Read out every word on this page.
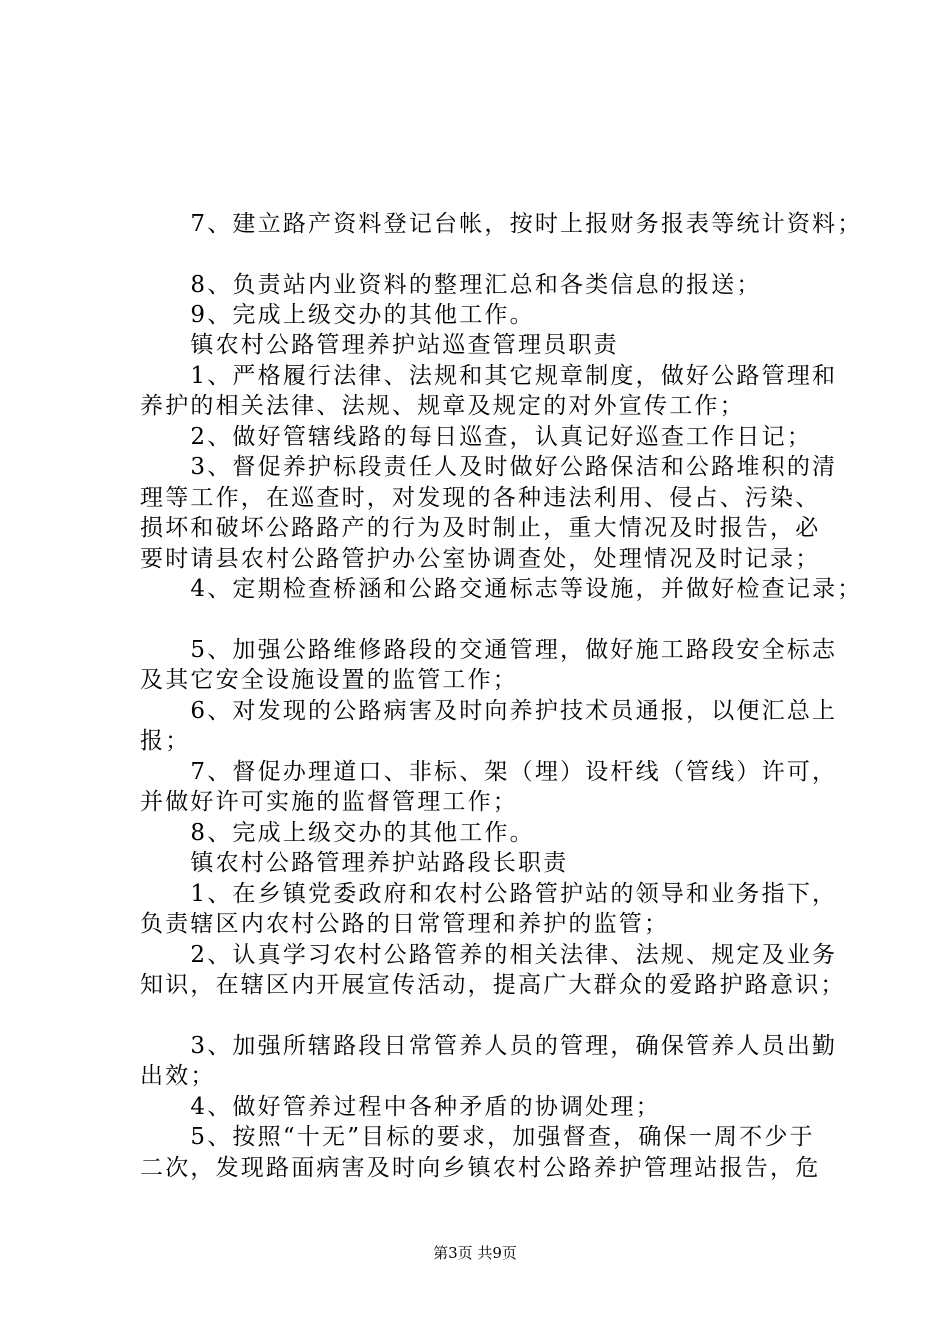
　　7、建立路产资料登记台帐，按时上报财务报表等统计资料；
　　8、负责站内业资料的整理汇总和各类信息的报送；
　　9、完成上级交办的其他工作。
　　镇农村公路管理养护站巡查管理员职责
　　1、严格履行法律、法规和其它规章制度，做好公路管理和
养护的相关法律、法规、规章及规定的对外宣传工作；
　　2、做好管辖线路的每日巡查，认真记好巡查工作日记；
　　3、督促养护标段责任人及时做好公路保洁和公路堆积的清
理等工作，在巡查时，对发现的各种违法利用、侵占、污染、
损坏和破坏公路路产的行为及时制止，重大情况及时报告，必
要时请县农村公路管护办公室协调查处，处理情况及时记录；
　　4、定期检查桥涵和公路交通标志等设施，并做好检查记录；
　　5、加强公路维修路段的交通管理，做好施工路段安全标志
及其它安全设施设置的监管工作；
　　6、对发现的公路病害及时向养护技术员通报，以便汇总上
报；
　　7、督促办理道口、非标、架（埋）设杆线（管线）许可，
并做好许可实施的监督管理工作；
　　8、完成上级交办的其他工作。
　　镇农村公路管理养护站路段长职责
　　1、在乡镇党委政府和农村公路管护站的领导和业务指下，
负责辖区内农村公路的日常管理和养护的监管；
　　2、认真学习农村公路管养的相关法律、法规、规定及业务
知识，在辖区内开展宣传活动，提高广大群众的爱路护路意识；
　　3、加强所辖路段日常管养人员的管理，确保管养人员出勤
出效；
　　4、做好管养过程中各种矛盾的协调处理；
　　5、按照“十无”目标的要求，加强督查，确保一周不少于
二次，发现路面病害及时向乡镇农村公路养护管理站报告，危
第3页 共9页
